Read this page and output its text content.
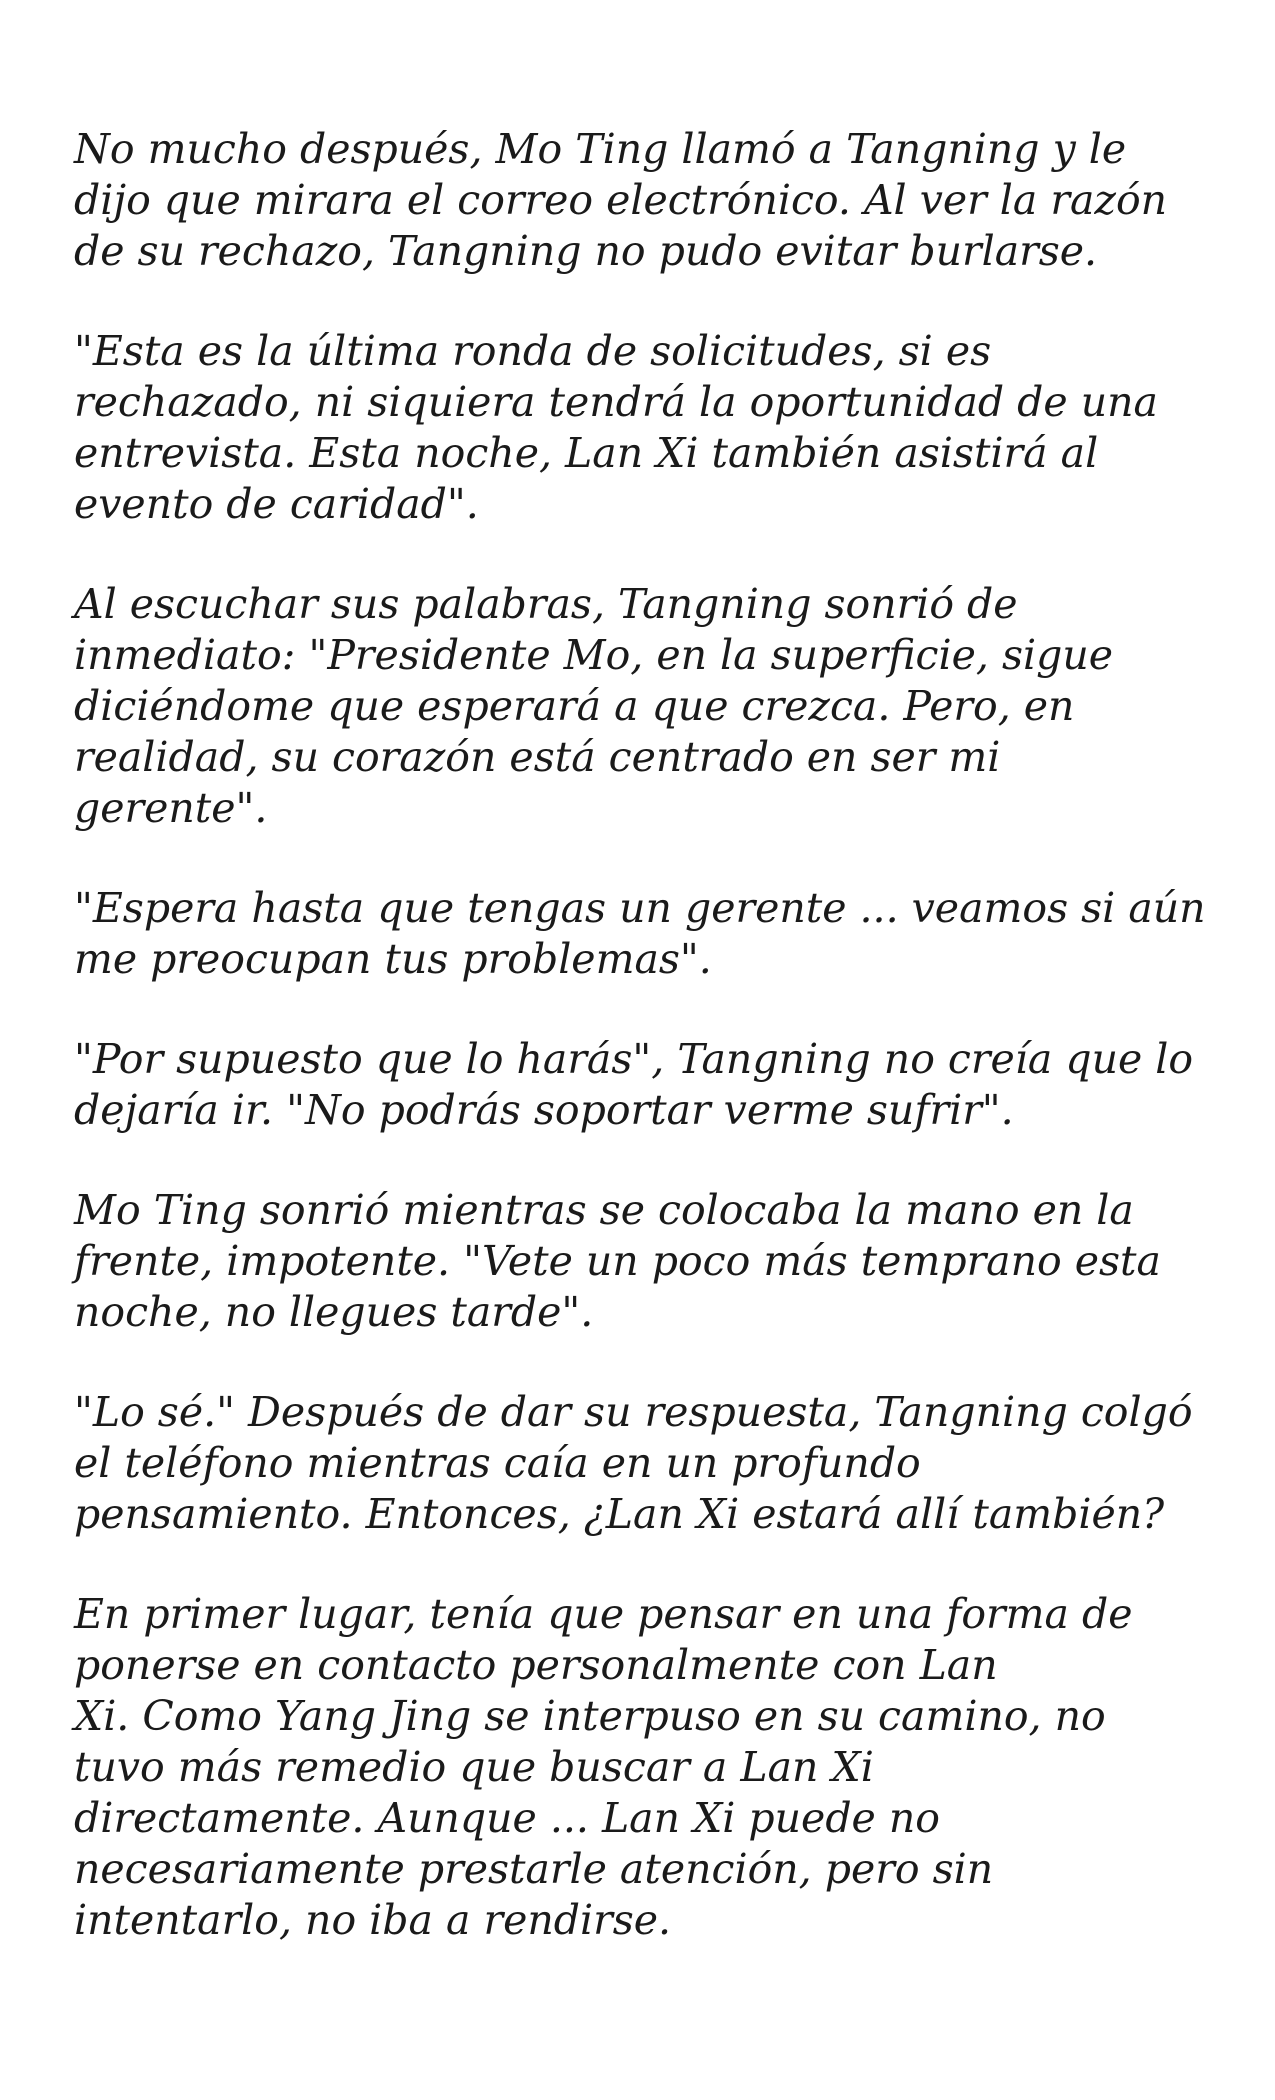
No mucho después, Mo Ting llamó a Tangning y le
dijo que mirara el correo electrónico. Al ver la razón
de su rechazo, Tangning no pudo evitar burlarse.

"Esta es la última ronda de solicitudes, si es
rechazado, ni siquiera tendrá la oportunidad de una
entrevista. Esta noche, Lan Xi también asistirá al
evento de caridad".

Al escuchar sus palabras, Tangning sonrió de
inmediato: "Presidente Mo, en la superficie, sigue
diciéndome que esperará a que crezca. Pero, en
realidad, su corazón está centrado en ser mi
gerente".

"Espera hasta que tengas un gerente ... veamos si aún
me preocupan tus problemas".

"Por supuesto que lo harás", Tangning no creía que lo
dejaría ir. "No podrás soportar verme sufrir".

Mo Ting sonrió mientras se colocaba la mano en la
frente, impotente. "Vete un poco más temprano esta
noche, no llegues tarde".

"Lo sé." Después de dar su respuesta, Tangning colgó
el teléfono mientras caía en un profundo
pensamiento. Entonces, ¿Lan Xi estará allí también?

En primer lugar, tenía que pensar en una forma de
ponerse en contacto personalmente con Lan
Xi. Como Yang Jing se interpuso en su camino, no
tuvo más remedio que buscar a Lan Xi
directamente. Aunque ... Lan Xi puede no
necesariamente prestarle atención, pero sin
intentarlo, no iba a rendirse.
